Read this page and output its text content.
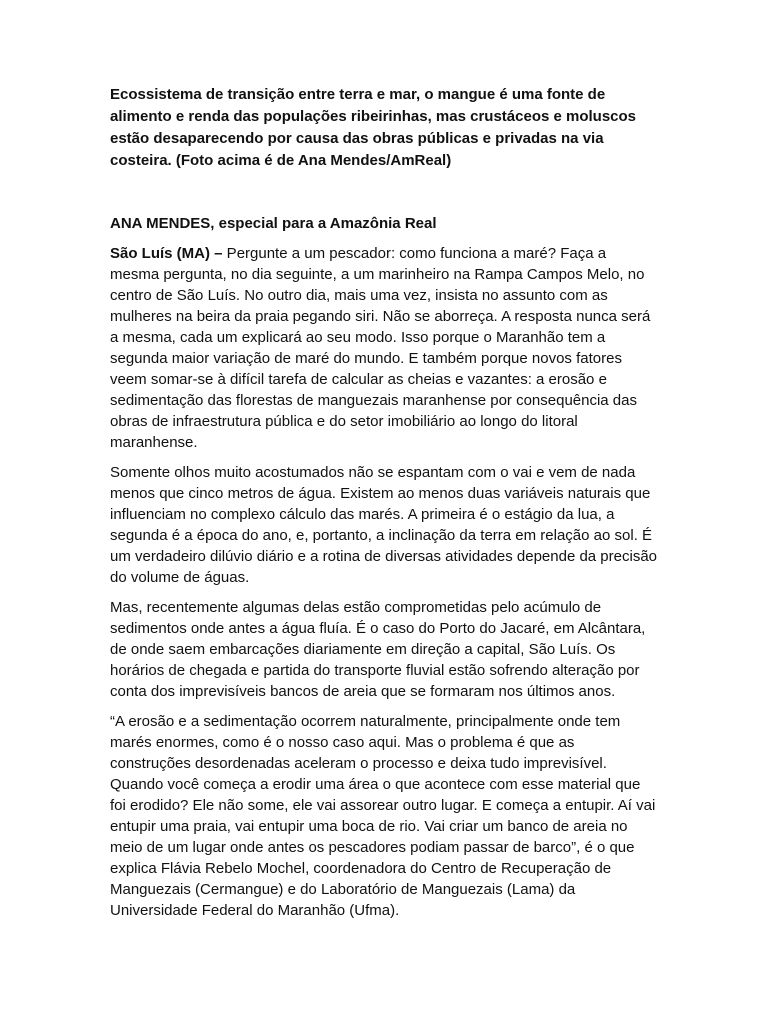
Ecossistema de transição entre terra e mar, o mangue é uma fonte de alimento e renda das populações ribeirinhas, mas crustáceos e moluscos estão desaparecendo por causa das obras públicas e privadas na via costeira. (Foto acima é de Ana Mendes/AmReal)

ANA MENDES, especial para a Amazônia Real

São Luís (MA) – Pergunte a um pescador: como funciona a maré? Faça a mesma pergunta, no dia seguinte, a um marinheiro na Rampa Campos Melo, no centro de São Luís. No outro dia, mais uma vez, insista no assunto com as mulheres na beira da praia pegando siri. Não se aborreça. A resposta nunca será a mesma, cada um explicará ao seu modo. Isso porque o Maranhão tem a segunda maior variação de maré do mundo. E também porque novos fatores veem somar-se à difícil tarefa de calcular as cheias e vazantes: a erosão e sedimentação das florestas de manguezais maranhense por consequência das obras de infraestrutura pública e do setor imobiliário ao longo do litoral maranhense.

Somente olhos muito acostumados não se espantam com o vai e vem de nada menos que cinco metros de água. Existem ao menos duas variáveis naturais que influenciam no complexo cálculo das marés. A primeira é o estágio da lua, a segunda é a época do ano, e, portanto, a inclinação da terra em relação ao sol. É um verdadeiro dilúvio diário e a rotina de diversas atividades depende da precisão do volume de águas.

Mas, recentemente algumas delas estão comprometidas pelo acúmulo de sedimentos onde antes a água fluía. É o caso do Porto do Jacaré, em Alcântara, de onde saem embarcações diariamente em direção a capital, São Luís. Os horários de chegada e partida do transporte fluvial estão sofrendo alteração por conta dos imprevisíveis bancos de areia que se formaram nos últimos anos.

“A erosão e a sedimentação ocorrem naturalmente, principalmente onde tem marés enormes, como é o nosso caso aqui. Mas o problema é que as construções desordenadas aceleram o processo e deixa tudo imprevisível. Quando você começa a erodir uma área o que acontece com esse material que foi erodido? Ele não some, ele vai assorear outro lugar. E começa a entupir. Aí vai entupir uma praia, vai entupir uma boca de rio. Vai criar um banco de areia no meio de um lugar onde antes os pescadores podiam passar de barco”, é o que explica Flávia Rebelo Mochel, coordenadora do Centro de Recuperação de Manguezais (Cermangue) e do Laboratório de Manguezais (Lama) da Universidade Federal do Maranhão (Ufma).
